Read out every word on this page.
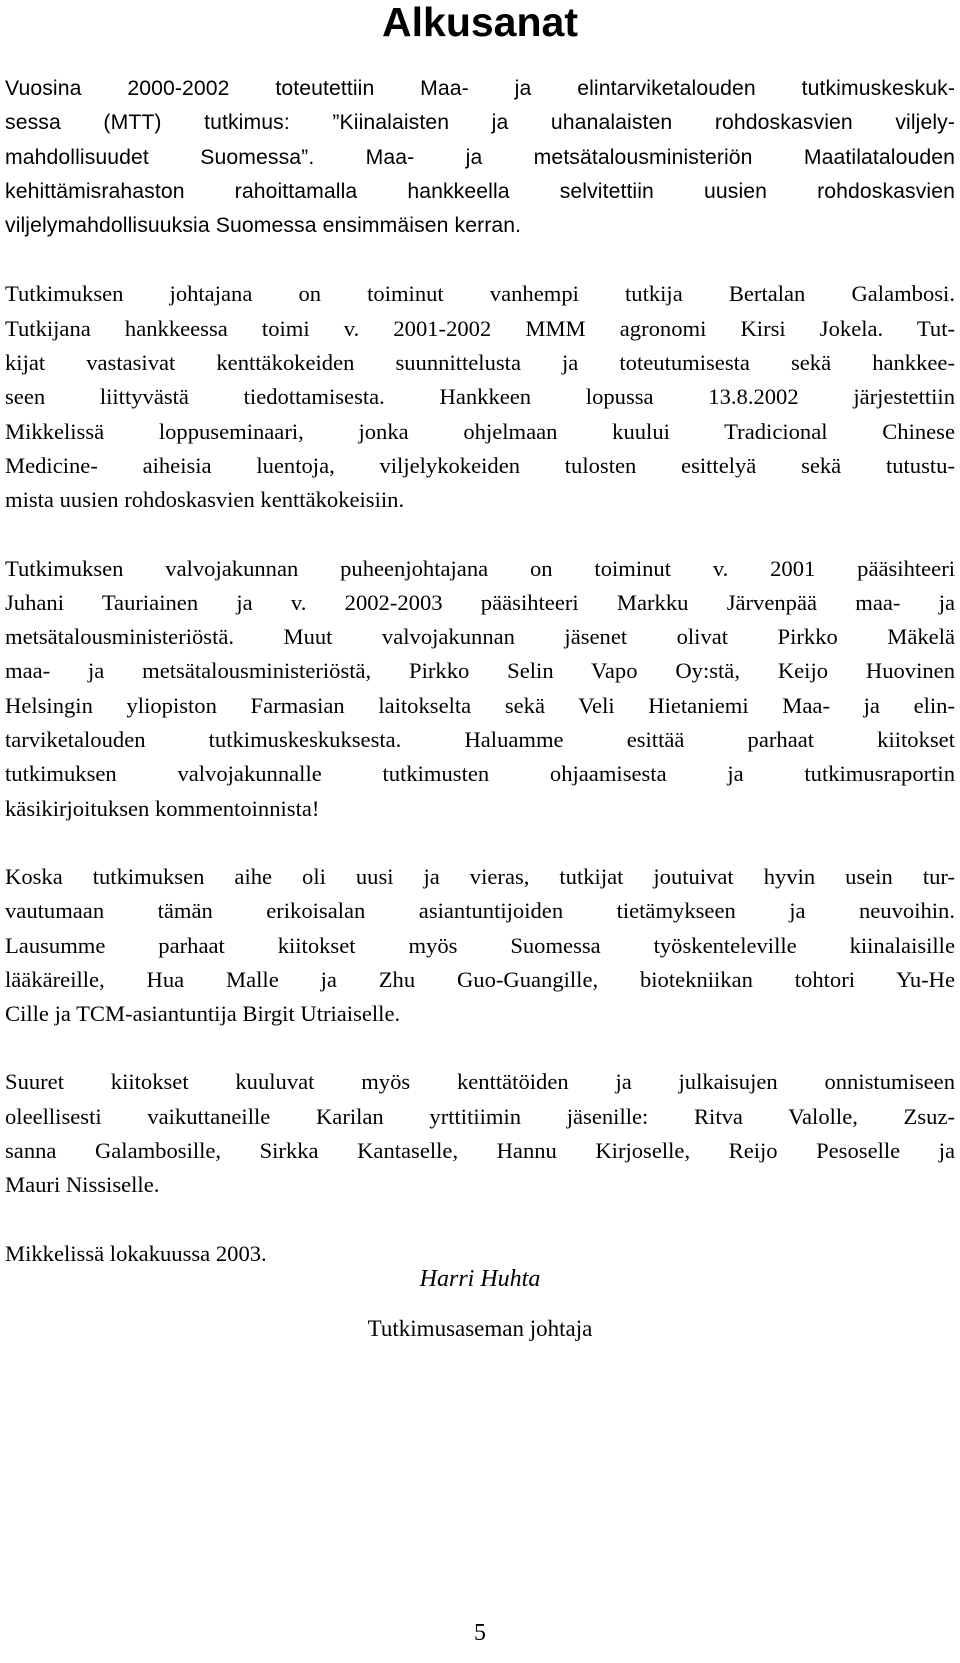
Alkusanat

Vuosina 2000-2002 toteutettiin Maa- ja elintarviketalouden tutkimuskeskuk-
sessa (MTT) tutkimus: ”Kiinalaisten ja uhanalaisten rohdoskasvien viljely-
mahdollisuudet Suomessa”. Maa- ja metsätalousministeriön Maatilatalouden
kehittämisrahaston rahoittamalla hankkeella selvitettiin uusien rohdoskasvien
viljelymahdollisuuksia Suomessa ensimmäisen kerran.

Tutkimuksen johtajana on toiminut vanhempi tutkija Bertalan Galambosi.
Tutkijana hankkeessa toimi v. 2001-2002 MMM agronomi Kirsi Jokela. Tut-
kijat vastasivat kenttäkokeiden suunnittelusta ja toteutumisesta sekä hankkee-
seen liittyvästä tiedottamisesta. Hankkeen lopussa 13.8.2002 järjestettiin
Mikkelissä loppuseminaari, jonka ohjelmaan kuului Tradicional Chinese
Medicine- aiheisia luentoja, viljelykokeiden tulosten esittelyä sekä tutustu-
mista uusien rohdoskasvien kenttäkokeisiin.

Tutkimuksen valvojakunnan puheenjohtajana on toiminut v. 2001 pääsihteeri
Juhani Tauriainen ja v. 2002-2003 pääsihteeri Markku Järvenpää maa- ja
metsätalousministeriöstä. Muut valvojakunnan jäsenet olivat Pirkko Mäkelä
maa- ja metsätalousministeriöstä, Pirkko Selin Vapo Oy:stä, Keijo Huovinen
Helsingin yliopiston Farmasian laitokselta sekä Veli Hietaniemi Maa- ja elin-
tarviketalouden tutkimuskeskuksesta. Haluamme esittää parhaat kiitokset
tutkimuksen valvojakunnalle tutkimusten ohjaamisesta ja tutkimusraportin
käsikirjoituksen kommentoinnista!

Koska tutkimuksen aihe oli uusi ja vieras, tutkijat joutuivat hyvin usein tur-
vautumaan tämän erikoisalan asiantuntijoiden tietämykseen ja neuvoihin.
Lausumme parhaat kiitokset myös Suomessa työskenteleville kiinalaisille
lääkäreille, Hua Malle ja Zhu Guo-Guangille, biotekniikan tohtori Yu-He
Cille ja TCM-asiantuntija Birgit Utriaiselle.

Suuret kiitokset kuuluvat myös kenttätöiden ja julkaisujen onnistumiseen
oleellisesti vaikuttaneille Karilan yrttitiimin jäsenille: Ritva Valolle, Zsuz-
sanna Galambosille, Sirkka Kantaselle, Hannu Kirjoselle, Reijo Pesoselle ja
Mauri Nissiselle.

Mikkelissä lokakuussa 2003.

Harri Huhta
Tutkimusaseman johtaja
5
